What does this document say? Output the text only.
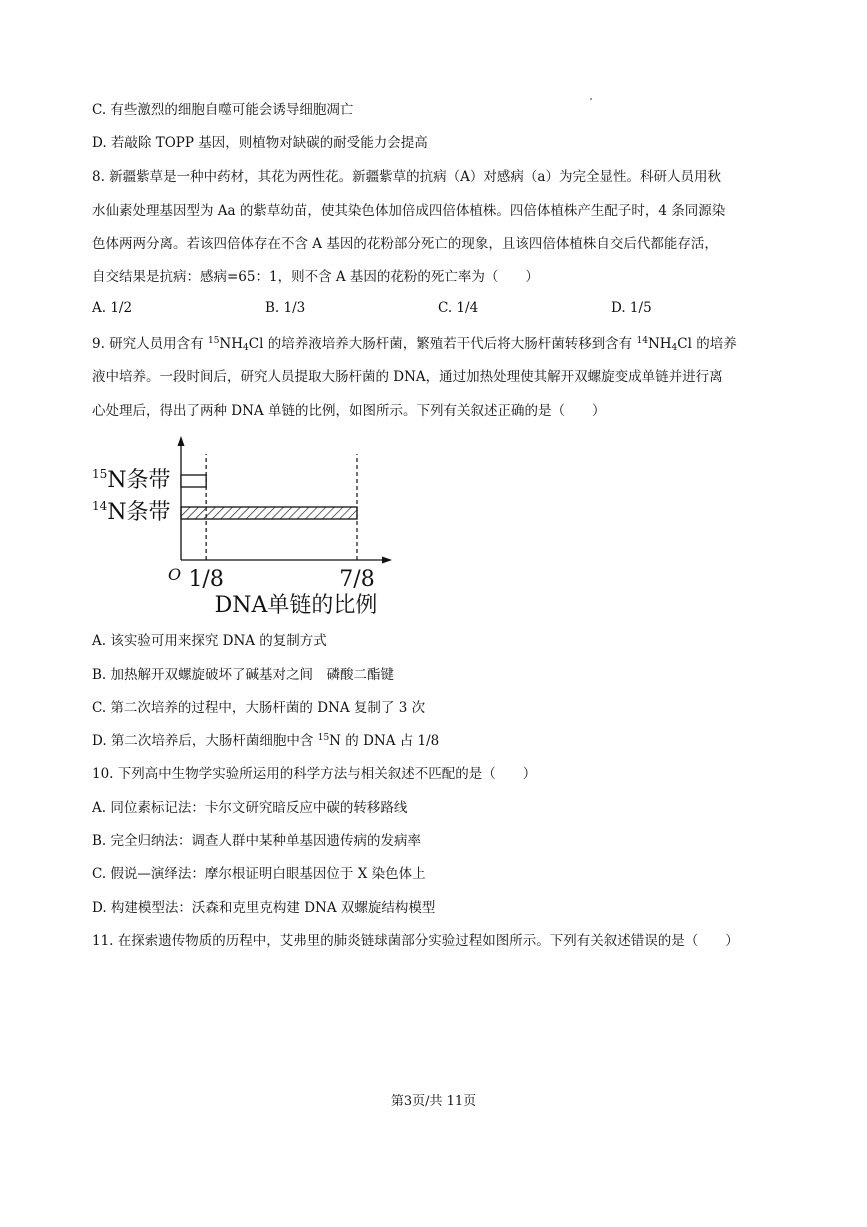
C. 有些激烈的细胞自噬可能会诱导细胞凋亡
D. 若敲除 TOPP 基因，则植物对缺碳的耐受能力会提高
8. 新疆紫草是一种中药材，其花为两性花。新疆紫草的抗病（A）对感病（a）为完全显性。科研人员用秋
水仙素处理基因型为 Aa 的紫草幼苗，使其染色体加倍成四倍体植株。四倍体植株产生配子时，4 条同源染
色体两两分离。若该四倍体存在不含 A 基因的花粉部分死亡的现象，且该四倍体植株自交后代都能存活，
自交结果是抗病：感病=65：1，则不含 A 基因的花粉的死亡率为（　　）
A. 1/2	B. 1/3	C. 1/4	D. 1/5
9. 研究人员用含有 $^{15}NH_4Cl$ 的培养液培养大肠杆菌，繁殖若干代后将大肠杆菌转移到含有 $^{14}NH_4Cl$ 的培养
液中培养。一段时间后，研究人员提取大肠杆菌的 DNA，通过加热处理使其解开双螺旋变成单链并进行离
心处理后，得出了两种 DNA 单链的比例，如图所示。下列有关叙述正确的是（　　）
$^{15}$N条带
$^{14}$N条带
O 1/8	7/8
DNA单链的比例
A. 该实验可用来探究 DNA 的复制方式
B. 加热解开双螺旋破坏了碱基对之间　磷酸二酯键
C. 第二次培养的过程中，大肠杆菌的 DNA 复制了 3 次
D. 第二次培养后，大肠杆菌细胞中含 $^{15}$N 的 DNA 占 1/8
10. 下列高中生物学实验所运用的科学方法与相关叙述不匹配的是（　　）
A. 同位素标记法：卡尔文研究暗反应中碳的转移路线
B. 完全归纳法：调查人群中某种单基因遗传病的发病率
C. 假说—演绎法：摩尔根证明白眼基因位于 X 染色体上
D. 构建模型法：沃森和克里克构建 DNA 双螺旋结构模型
11. 在探索遗传物质的历程中，艾弗里的肺炎链球菌部分实验过程如图所示。下列有关叙述错误的是（　　）
第3页/共 11页
